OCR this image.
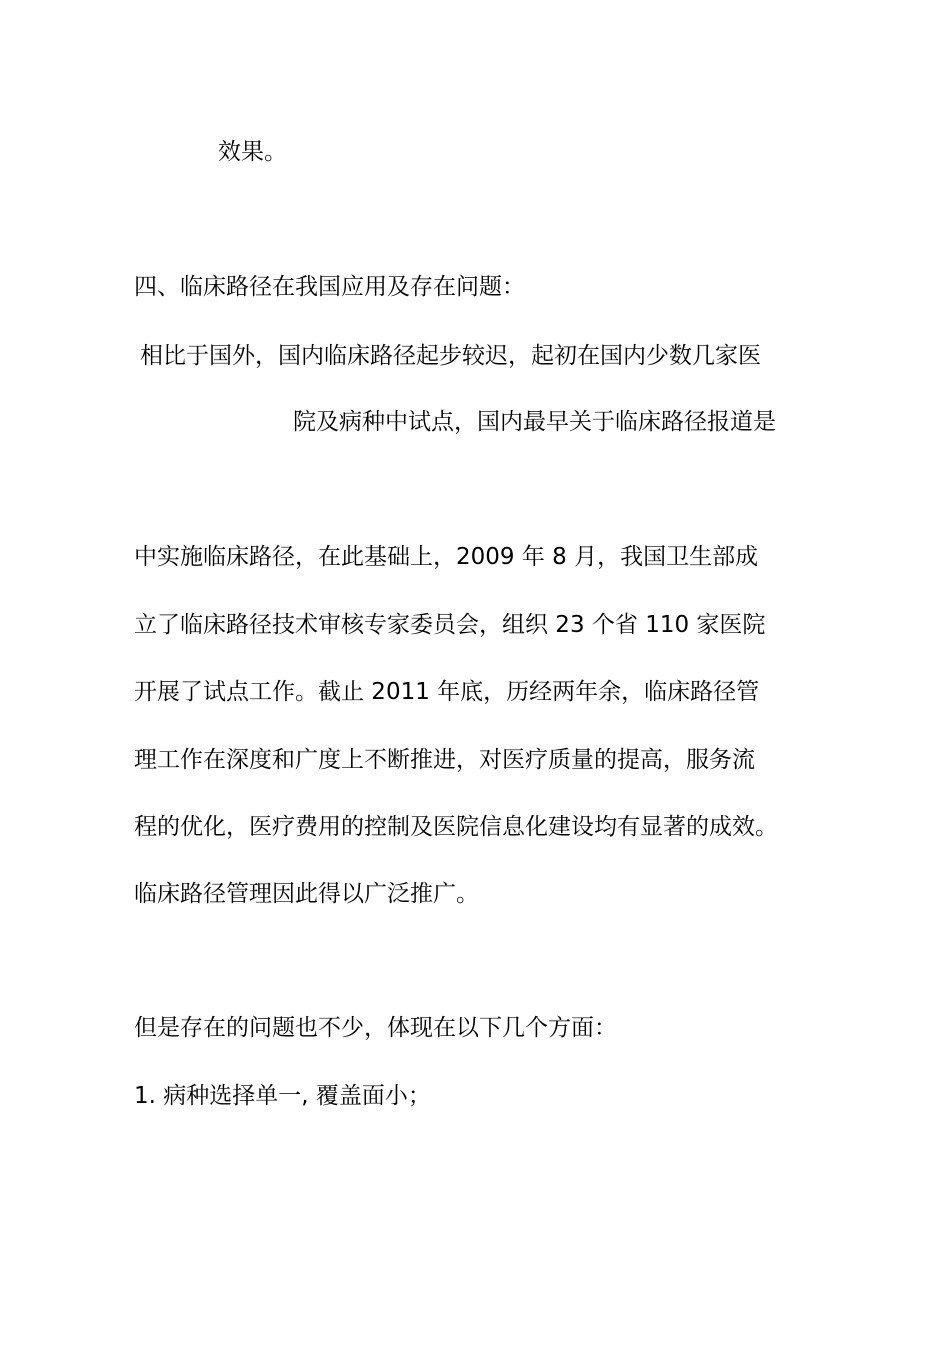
效果。
四、临床路径在我国应用及存在问题：
相比于国外，国内临床路径起步较迟，起初在国内少数几家医
院及病种中试点，国内最早关于临床路径报道是
中实施临床路径，在此基础上，2009 年 8 月，我国卫生部成
立了临床路径技术审核专家委员会，组织 23 个省 110 家医院
开展了试点工作。截止 2011 年底，历经两年余，临床路径管
理工作在深度和广度上不断推进，对医疗质量的提高，服务流
程的优化，医疗费用的控制及医院信息化建设均有显著的成效。
临床路径管理因此得以广泛推广。
但是存在的问题也不少，体现在以下几个方面：
1. 病种选择单一, 覆盖面小；
